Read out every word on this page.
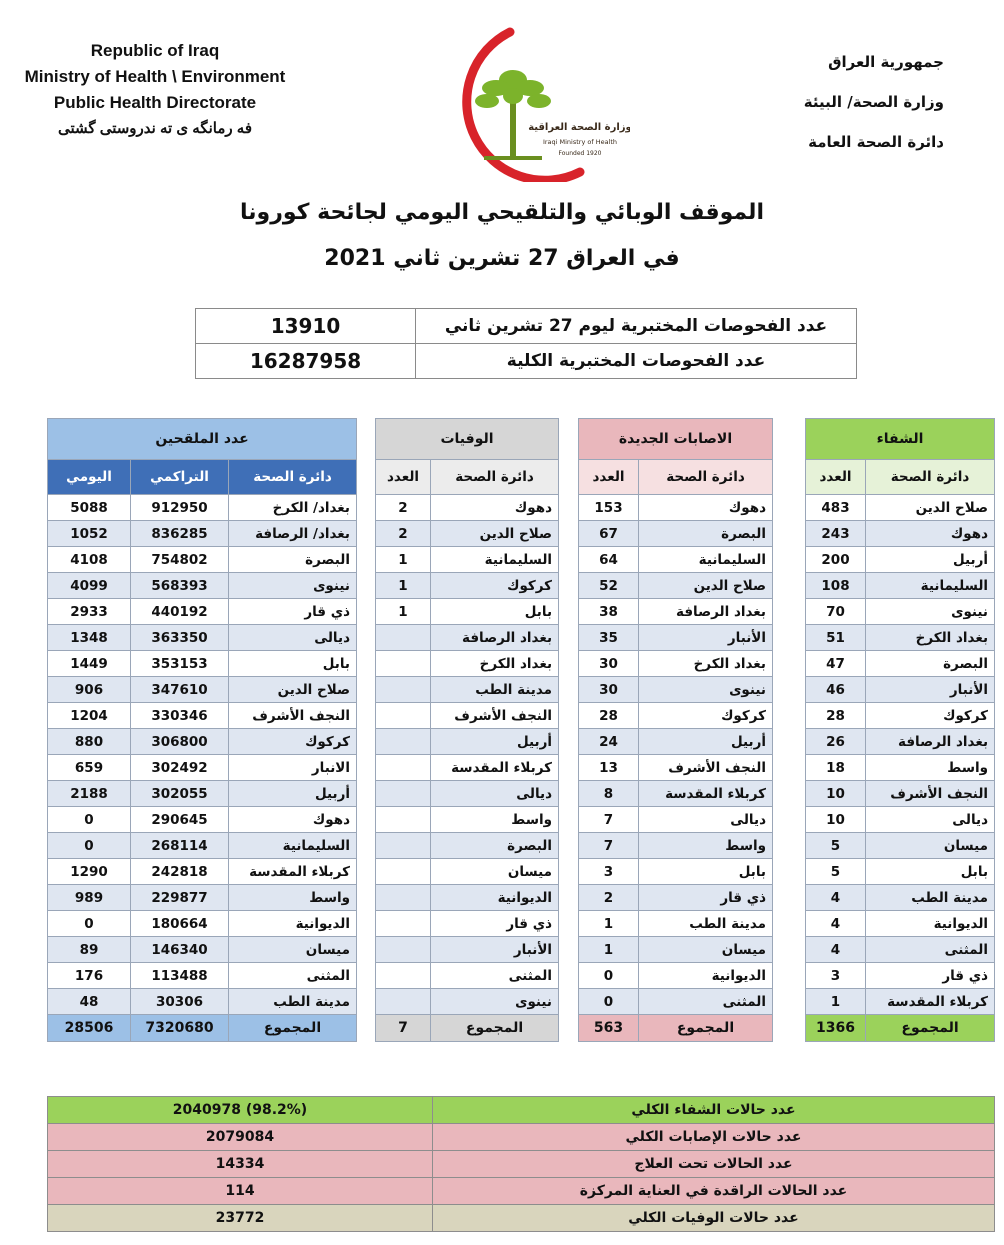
Republic of Iraq
Ministry of Health \ Environment
Public Health Directorate
فه رمانگه ی ته ندروستی گشتی
جمهورية العراق
وزارة الصحة/ البيئة
دائرة الصحة العامة
وزارة الصحة العراقية
Iraqi Ministry of Health
Founded 1920
الموقف الوبائي والتلقيحي اليومي لجائحة كورونا
في العراق 27 تشرين ثاني 2021
عدد الفحوصات المختبرية ليوم 27 تشرين ثاني	13910
عدد الفحوصات المختبرية الكلية	16287958
الشفاء	
دائرة الصحة	العدد
صلاح الدين	483
دهوك	243
أربيل	200
السليمانية	108
نينوى	70
بغداد الكرخ	51
البصرة	47
الأنبار	46
كركوك	28
بغداد الرصافة	26
واسط	18
النجف الأشرف	10
ديالى	10
ميسان	5
بابل	5
مدينة الطب	4
الديوانية	4
المثنى	4
ذي قار	3
كربلاء المقدسة	1
المجموع	1366
الاصابات الجديدة	
دائرة الصحة	العدد
دهوك	153
البصرة	67
السليمانية	64
صلاح الدين	52
بغداد الرصافة	38
الأنبار	35
بغداد الكرخ	30
نينوى	30
كركوك	28
أربيل	24
النجف الأشرف	13
كربلاء المقدسة	8
ديالى	7
واسط	7
بابل	3
ذي قار	2
مدينة الطب	1
ميسان	1
الديوانية	0
المثنى	0
المجموع	563
الوفيات	
دائرة الصحة	العدد
دهوك	2
صلاح الدين	2
السليمانية	1
كركوك	1
بابل	1
بغداد الرصافة	
بغداد الكرخ	
مدينة الطب	
النجف الأشرف	
أربيل	
كربلاء المقدسة	
ديالى	
واسط	
البصرة	
ميسان	
الديوانية	
ذي قار	
الأنبار	
المثنى	
نينوى	
المجموع	7
عدد الملقحين		
دائرة الصحة	التراكمي	اليومي
بغداد/ الكرخ	912950	5088
بغداد/ الرصافة	836285	1052
البصرة	754802	4108
نينوى	568393	4099
ذي قار	440192	2933
ديالى	363350	1348
بابل	353153	1449
صلاح الدين	347610	906
النجف الأشرف	330346	1204
كركوك	306800	880
الانبار	302492	659
أربيل	302055	2188
دهوك	290645	0
السليمانية	268114	0
كربلاء المقدسة	242818	1290
واسط	229877	989
الديوانية	180664	0
ميسان	146340	89
المثنى	113488	176
مدينة الطب	30306	48
المجموع	7320680	28506
عدد حالات الشفاء الكلي	2040978 (98.2%)
عدد حالات الإصابات الكلي	2079084
عدد الحالات تحت العلاج	14334
عدد الحالات الراقدة في العناية المركزة	114
عدد حالات الوفيات الكلي	23772
